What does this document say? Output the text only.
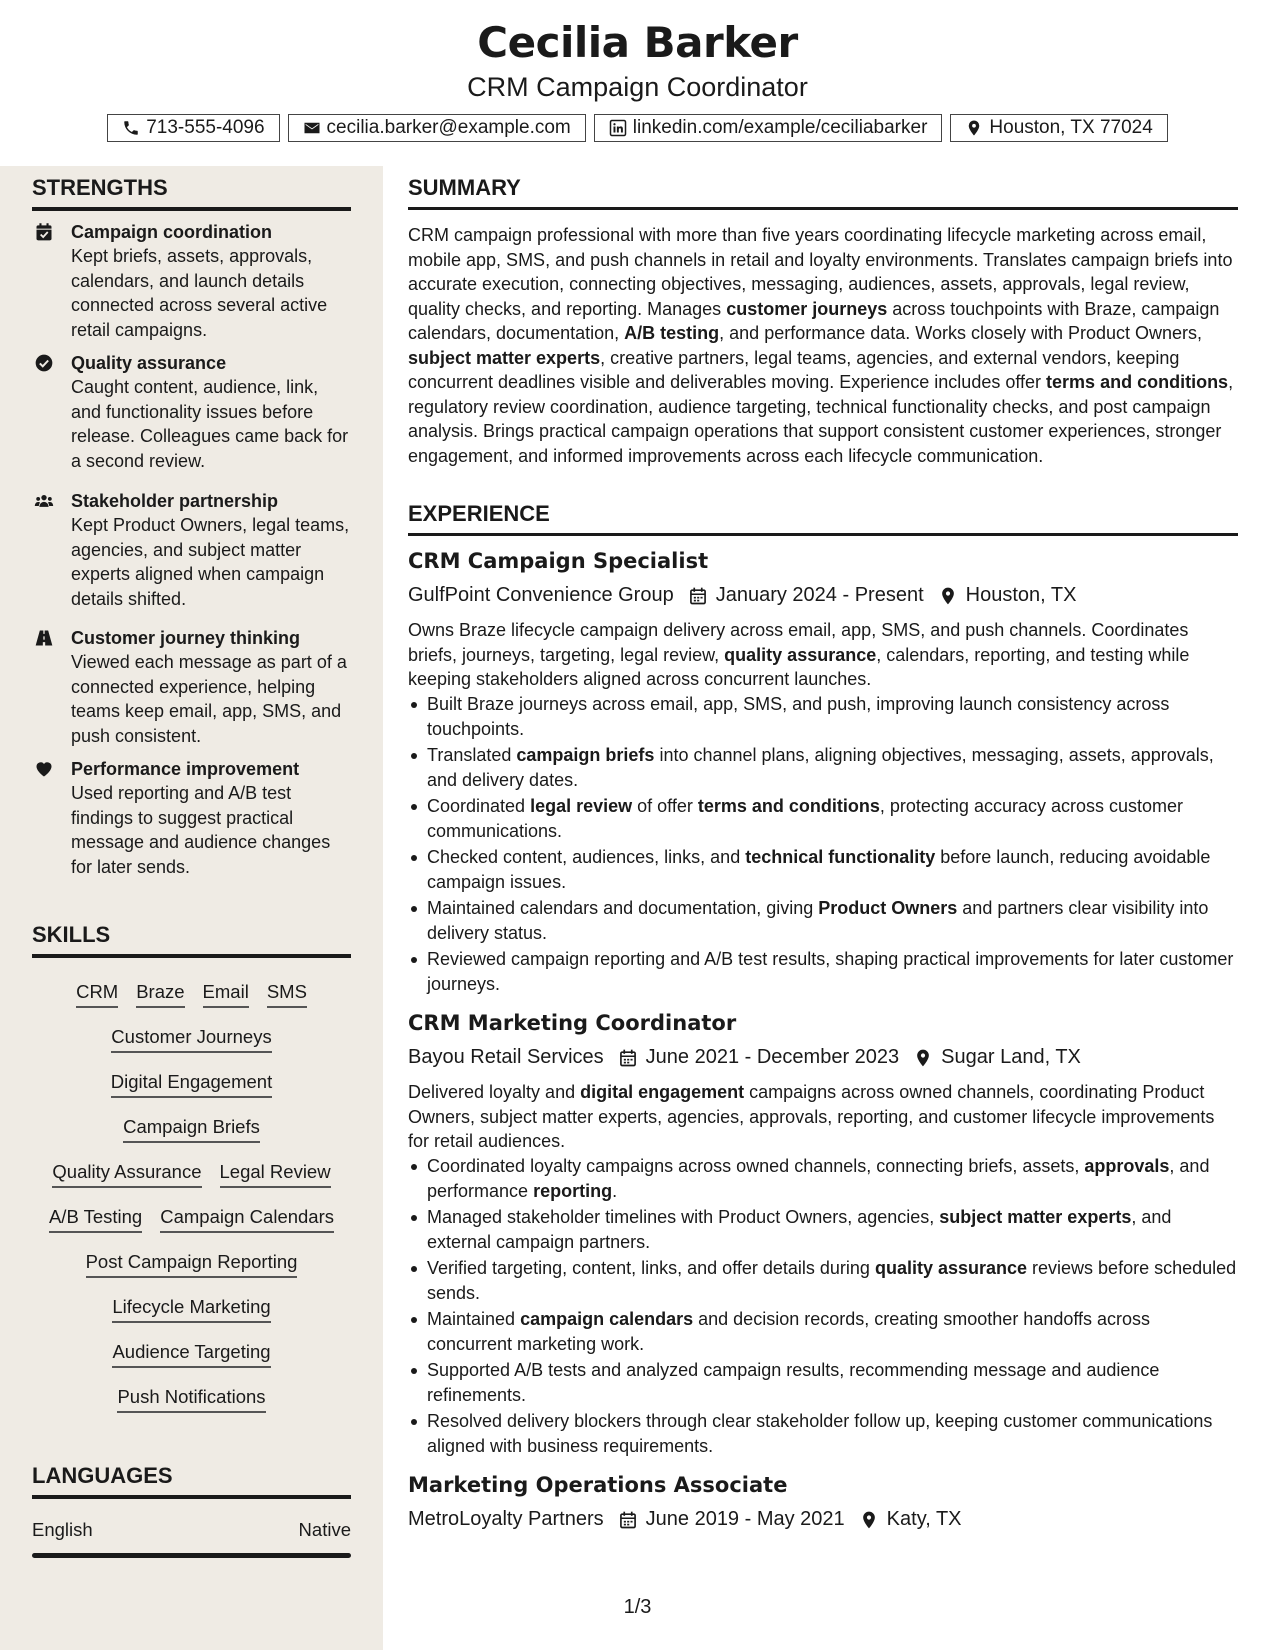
Cecilia Barker
CRM Campaign Coordinator
713-555-4096	cecilia.barker@example.com	linkedin.com/example/ceciliabarker	Houston, TX 77024
STRENGTHS
Campaign coordination
Kept briefs, assets, approvals, calendars, and launch details connected across several active retail campaigns.
Quality assurance
Caught content, audience, link, and functionality issues before release. Colleagues came back for a second review.
Stakeholder partnership
Kept Product Owners, legal teams, agencies, and subject matter experts aligned when campaign details shifted.
Customer journey thinking
Viewed each message as part of a connected experience, helping teams keep email, app, SMS, and push consistent.
Performance improvement
Used reporting and A/B test findings to suggest practical message and audience changes for later sends.
SKILLS
CRM Braze Email SMS
Customer Journeys
Digital Engagement
Campaign Briefs
Quality Assurance Legal Review
A/B Testing Campaign Calendars
Post Campaign Reporting
Lifecycle Marketing
Audience Targeting
Push Notifications
LANGUAGES
English	Native
SUMMARY
CRM campaign professional with more than five years coordinating lifecycle marketing across email, mobile app, SMS, and push channels in retail and loyalty environments. Translates campaign briefs into accurate execution, connecting objectives, messaging, audiences, assets, approvals, legal review, quality checks, and reporting. Manages customer journeys across touchpoints with Braze, campaign calendars, documentation, A/B testing, and performance data. Works closely with Product Owners, subject matter experts, creative partners, legal teams, agencies, and external vendors, keeping concurrent deadlines visible and deliverables moving. Experience includes offer terms and conditions, regulatory review coordination, audience targeting, technical functionality checks, and post campaign analysis. Brings practical campaign operations that support consistent customer experiences, stronger engagement, and informed improvements across each lifecycle communication.
EXPERIENCE
CRM Campaign Specialist
GulfPoint Convenience Group January 2024 - Present Houston, TX
Owns Braze lifecycle campaign delivery across email, app, SMS, and push channels. Coordinates briefs, journeys, targeting, legal review, quality assurance, calendars, reporting, and testing while keeping stakeholders aligned across concurrent launches.
Built Braze journeys across email, app, SMS, and push, improving launch consistency across touchpoints.
Translated campaign briefs into channel plans, aligning objectives, messaging, assets, approvals, and delivery dates.
Coordinated legal review of offer terms and conditions, protecting accuracy across customer communications.
Checked content, audiences, links, and technical functionality before launch, reducing avoidable campaign issues.
Maintained calendars and documentation, giving Product Owners and partners clear visibility into delivery status.
Reviewed campaign reporting and A/B test results, shaping practical improvements for later customer journeys.
CRM Marketing Coordinator
Bayou Retail Services June 2021 - December 2023 Sugar Land, TX
Delivered loyalty and digital engagement campaigns across owned channels, coordinating Product Owners, subject matter experts, agencies, approvals, reporting, and customer lifecycle improvements for retail audiences.
Coordinated loyalty campaigns across owned channels, connecting briefs, assets, approvals, and performance reporting.
Managed stakeholder timelines with Product Owners, agencies, subject matter experts, and external campaign partners.
Verified targeting, content, links, and offer details during quality assurance reviews before scheduled sends.
Maintained campaign calendars and decision records, creating smoother handoffs across concurrent marketing work.
Supported A/B tests and analyzed campaign results, recommending message and audience refinements.
Resolved delivery blockers through clear stakeholder follow up, keeping customer communications aligned with business requirements.
Marketing Operations Associate
MetroLoyalty Partners June 2019 - May 2021 Katy, TX
1/3
